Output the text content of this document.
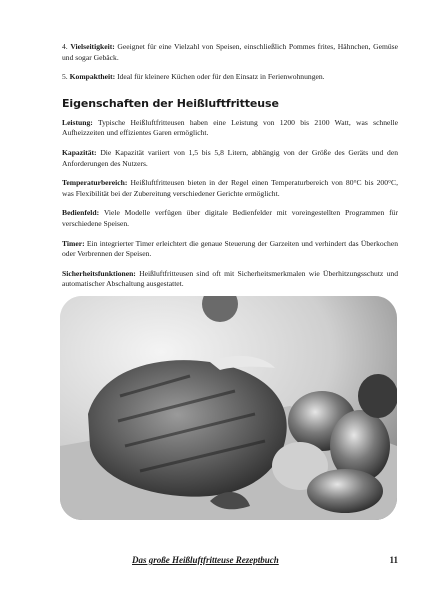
4. Vielseitigkeit: Geeignet für eine Vielzahl von Speisen, einschließlich Pommes frites, Hähnchen, Gemüse und sogar Gebäck.

5. Kompaktheit: Ideal für kleinere Küchen oder für den Einsatz in Ferienwohnungen.

Eigenschaften der Heißluftfritteuse

Leistung: Typische Heißluftfritteusen haben eine Leistung von 1200 bis 2100 Watt, was schnelle Aufheizzeiten und effizientes Garen ermöglicht.

Kapazität: Die Kapazität variiert von 1,5 bis 5,8 Litern, abhängig von der Größe des Geräts und den Anforderungen des Nutzers.

Temperaturbereich: Heißluftfritteusen bieten in der Regel einen Temperaturbereich von 80°C bis 200°C, was Flexibilität bei der Zubereitung verschiedener Gerichte ermöglicht.

Bedienfeld: Viele Modelle verfügen über digitale Bedienfelder mit voreingestellten Programmen für verschiedene Speisen.

Timer: Ein integrierter Timer erleichtert die genaue Steuerung der Garzeiten und verhindert das Überkochen oder Verbrennen der Speisen.

Sicherheitsfunktionen: Heißluftfritteusen sind oft mit Sicherheitsmerkmalen wie Überhitzungsschutz und automatischer Abschaltung ausgestattet.

Das große Heißluftfritteuse Rezeptbuch	11
